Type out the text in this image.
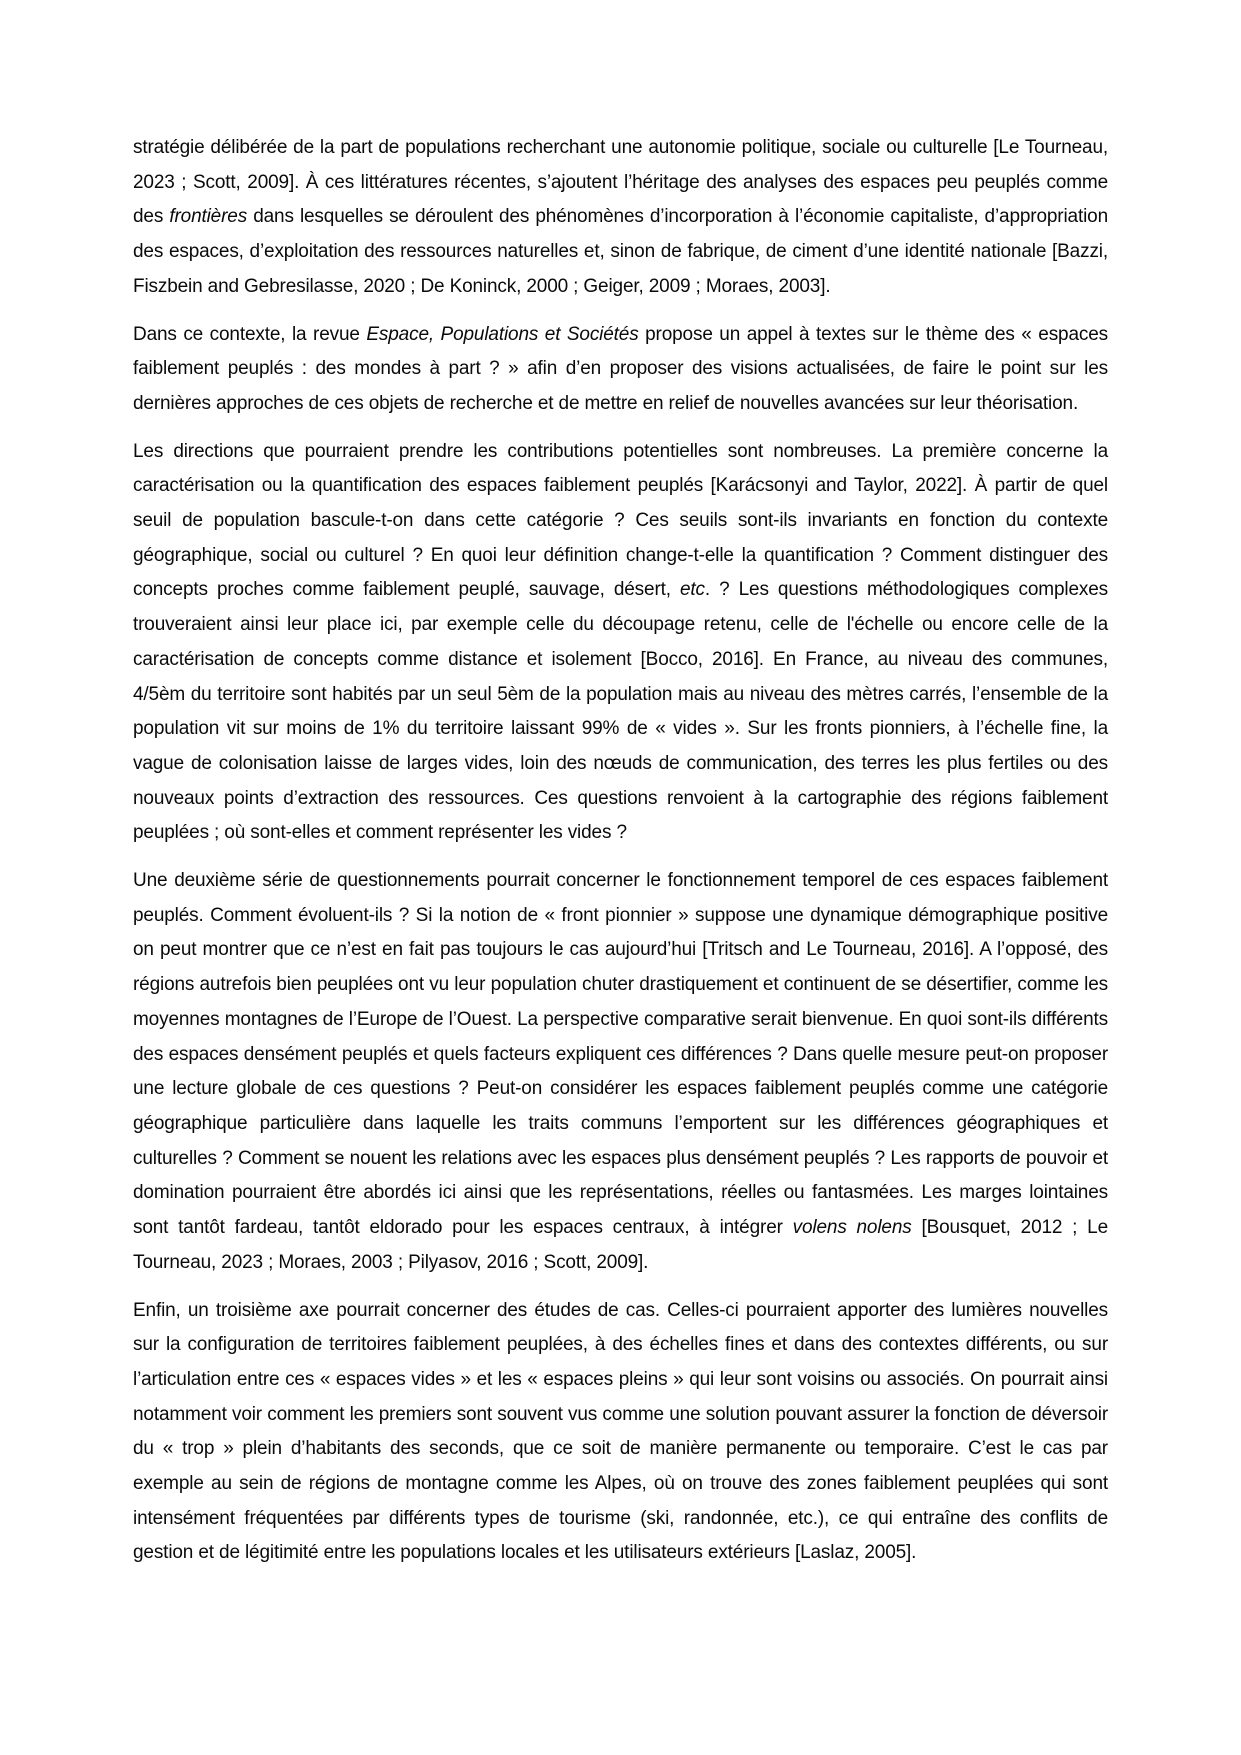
stratégie délibérée de la part de populations recherchant une autonomie politique, sociale ou culturelle [Le Tourneau, 2023 ; Scott, 2009]. À ces littératures récentes, s’ajoutent l’héritage des analyses des espaces peu peuplés comme des frontières dans lesquelles se déroulent des phénomènes d’incorporation à l’économie capitaliste, d’appropriation des espaces, d’exploitation des ressources naturelles et, sinon de fabrique, de ciment d’une identité nationale [Bazzi, Fiszbein and Gebresilasse, 2020 ; De Koninck, 2000 ; Geiger, 2009 ; Moraes, 2003].

Dans ce contexte, la revue Espace, Populations et Sociétés propose un appel à textes sur le thème des « espaces faiblement peuplés : des mondes à part ? » afin d’en proposer des visions actualisées, de faire le point sur les dernières approches de ces objets de recherche et de mettre en relief de nouvelles avancées sur leur théorisation.

Les directions que pourraient prendre les contributions potentielles sont nombreuses. La première concerne la caractérisation ou la quantification des espaces faiblement peuplés [Karácsonyi and Taylor, 2022]. À partir de quel seuil de population bascule-t-on dans cette catégorie ? Ces seuils sont-ils invariants en fonction du contexte géographique, social ou culturel ? En quoi leur définition change-t-elle la quantification ? Comment distinguer des concepts proches comme faiblement peuplé, sauvage, désert, etc. ? Les questions méthodologiques complexes trouveraient ainsi leur place ici, par exemple celle du découpage retenu, celle de l'échelle ou encore celle de la caractérisation de concepts comme distance et isolement [Bocco, 2016]. En France, au niveau des communes, 4/5èm du territoire sont habités par un seul 5èm de la population mais au niveau des mètres carrés, l’ensemble de la population vit sur moins de 1% du territoire laissant 99% de « vides ». Sur les fronts pionniers, à l’échelle fine, la vague de colonisation laisse de larges vides, loin des nœuds de communication, des terres les plus fertiles ou des nouveaux points d’extraction des ressources. Ces questions renvoient à la cartographie des régions faiblement peuplées ; où sont-elles et comment représenter les vides ?

Une deuxième série de questionnements pourrait concerner le fonctionnement temporel de ces espaces faiblement peuplés. Comment évoluent-ils ? Si la notion de « front pionnier » suppose une dynamique démographique positive on peut montrer que ce n’est en fait pas toujours le cas aujourd’hui [Tritsch and Le Tourneau, 2016]. A l’opposé, des régions autrefois bien peuplées ont vu leur population chuter drastiquement et continuent de se désertifier, comme les moyennes montagnes de l’Europe de l’Ouest. La perspective comparative serait bienvenue. En quoi sont-ils différents des espaces densément peuplés et quels facteurs expliquent ces différences ? Dans quelle mesure peut-on proposer une lecture globale de ces questions ? Peut-on considérer les espaces faiblement peuplés comme une catégorie géographique particulière dans laquelle les traits communs l’emportent sur les différences géographiques et culturelles ? Comment se nouent les relations avec les espaces plus densément peuplés ? Les rapports de pouvoir et domination pourraient être abordés ici ainsi que les représentations, réelles ou fantasmées. Les marges lointaines sont tantôt fardeau, tantôt eldorado pour les espaces centraux, à intégrer volens nolens [Bousquet, 2012 ; Le Tourneau, 2023 ; Moraes, 2003 ; Pilyasov, 2016 ; Scott, 2009].

Enfin, un troisième axe pourrait concerner des études de cas. Celles-ci pourraient apporter des lumières nouvelles sur la configuration de territoires faiblement peuplées, à des échelles fines et dans des contextes différents, ou sur l’articulation entre ces « espaces vides » et les « espaces pleins » qui leur sont voisins ou associés. On pourrait ainsi notamment voir comment les premiers sont souvent vus comme une solution pouvant assurer la fonction de déversoir du « trop » plein d’habitants des seconds, que ce soit de manière permanente ou temporaire. C’est le cas par exemple au sein de régions de montagne comme les Alpes, où on trouve des zones faiblement peuplées qui sont intensément fréquentées par différents types de tourisme (ski, randonnée, etc.), ce qui entraîne des conflits de gestion et de légitimité entre les populations locales et les utilisateurs extérieurs [Laslaz, 2005].
